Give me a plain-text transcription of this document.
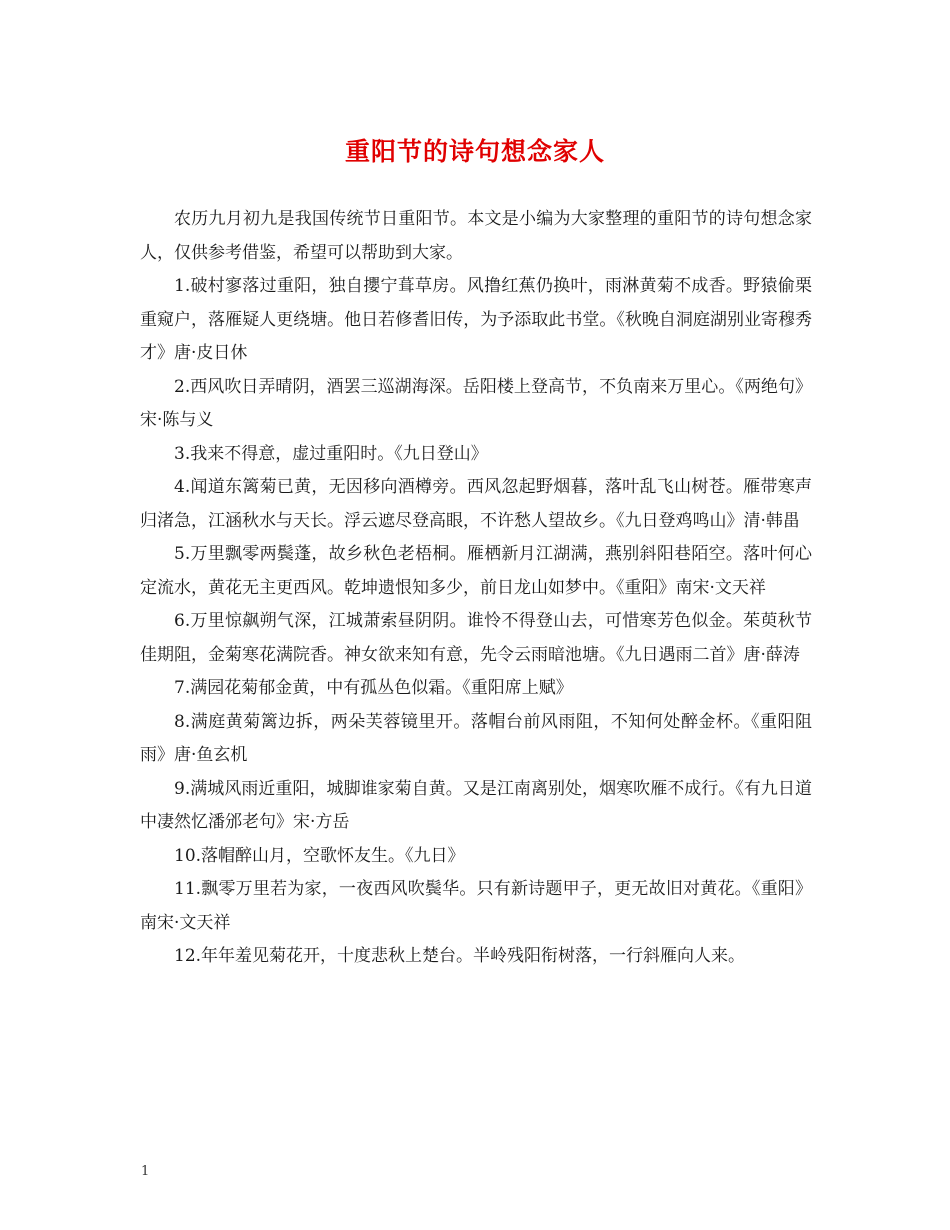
重阳节的诗句想念家人

农历九月初九是我国传统节日重阳节。本文是小编为大家整理的重阳节的诗句想念家人，仅供参考借鉴，希望可以帮助到大家。

1.破村寥落过重阳，独自攖宁葺草房。风撸红蕉仍换叶，雨淋黄菊不成香。野猿偷栗重窥户，落雁疑人更绕塘。他日若修耆旧传，为予添取此书堂。《秋晚自洞庭湖别业寄穆秀才》唐·皮日休

2.西风吹日弄晴阴，酒罢三巡湖海深。岳阳楼上登高节，不负南来万里心。《两绝句》宋·陈与义

3.我来不得意，虚过重阳时。《九日登山》

4.闻道东篱菊已黄，无因移向酒樽旁。西风忽起野烟暮，落叶乱飞山树苍。雁带寒声归渚急，江涵秋水与天长。浮云遮尽登高眼，不许愁人望故乡。《九日登鸡鸣山》清·韩畕

5.万里飘零两鬓蓬，故乡秋色老梧桐。雁栖新月江湖满，燕别斜阳巷陌空。落叶何心定流水，黄花无主更西风。乾坤遗恨知多少，前日龙山如梦中。《重阳》南宋·文天祥

6.万里惊飙朔气深，江城萧索昼阴阴。谁怜不得登山去，可惜寒芳色似金。茱萸秋节佳期阻，金菊寒花满院香。神女欲来知有意，先令云雨暗池塘。《九日遇雨二首》唐·薛涛

7.满园花菊郁金黄，中有孤丛色似霜。《重阳席上赋》

8.满庭黄菊篱边拆，两朵芙蓉镜里开。落帽台前风雨阻，不知何处醉金杯。《重阳阻雨》唐·鱼玄机

9.满城风雨近重阳，城脚谁家菊自黄。又是江南离别处，烟寒吹雁不成行。《有九日道中凄然忆潘邠老句》宋·方岳

10.落帽醉山月，空歌怀友生。《九日》

11.飘零万里若为家，一夜西风吹鬓华。只有新诗题甲子，更无故旧对黄花。《重阳》南宋·文天祥

12.年年羞见菊花开，十度悲秋上楚台。半岭残阳衔树落，一行斜雁向人来。

1
